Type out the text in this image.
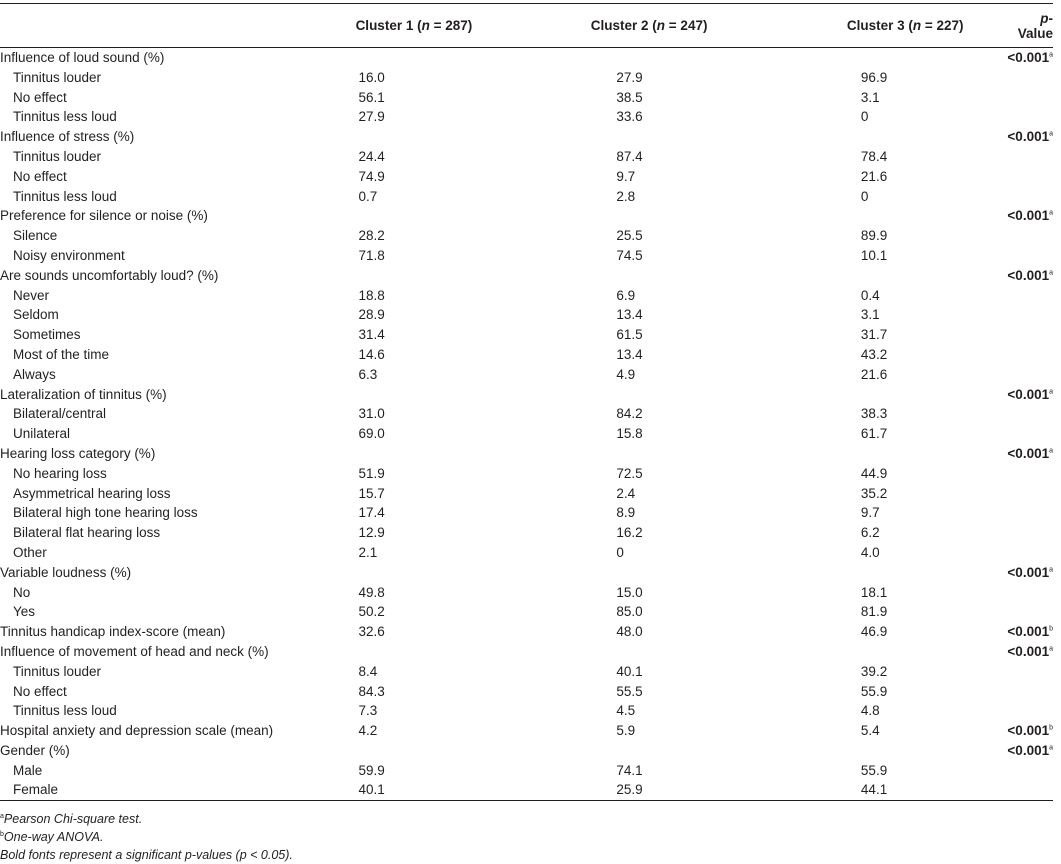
	Cluster 1 (n = 287)	Cluster 2 (n = 247)	Cluster 3 (n = 227)	p-Value
Influence of loud sound (%)				<0.001$^a$
Tinnitus louder	16.0	27.9	96.9	
No effect	56.1	38.5	3.1	
Tinnitus less loud	27.9	33.6	0	
Influence of stress (%)				<0.001$^a$
Tinnitus louder	24.4	87.4	78.4	
No effect	74.9	9.7	21.6	
Tinnitus less loud	0.7	2.8	0	
Preference for silence or noise (%)				<0.001$^a$
Silence	28.2	25.5	89.9	
Noisy environment	71.8	74.5	10.1	
Are sounds uncomfortably loud? (%)				<0.001$^a$
Never	18.8	6.9	0.4	
Seldom	28.9	13.4	3.1	
Sometimes	31.4	61.5	31.7	
Most of the time	14.6	13.4	43.2	
Always	6.3	4.9	21.6	
Lateralization of tinnitus (%)				<0.001$^a$
Bilateral/central	31.0	84.2	38.3	
Unilateral	69.0	15.8	61.7	
Hearing loss category (%)				<0.001$^a$
No hearing loss	51.9	72.5	44.9	
Asymmetrical hearing loss	15.7	2.4	35.2	
Bilateral high tone hearing loss	17.4	8.9	9.7	
Bilateral flat hearing loss	12.9	16.2	6.2	
Other	2.1	0	4.0	
Variable loudness (%)				<0.001$^a$
No	49.8	15.0	18.1	
Yes	50.2	85.0	81.9	
Tinnitus handicap index-score (mean)	32.6	48.0	46.9	<0.001$^b$
Influence of movement of head and neck (%)				<0.001$^a$
Tinnitus louder	8.4	40.1	39.2	
No effect	84.3	55.5	55.9	
Tinnitus less loud	7.3	4.5	4.8	
Hospital anxiety and depression scale (mean)	4.2	5.9	5.4	<0.001$^b$
Gender (%)				<0.001$^a$
Male	59.9	74.1	55.9	
Female	40.1	25.9	44.1	
$^a$Pearson Chi-square test.
$^b$One-way ANOVA.
Bold fonts represent a significant p-values (p < 0.05).
